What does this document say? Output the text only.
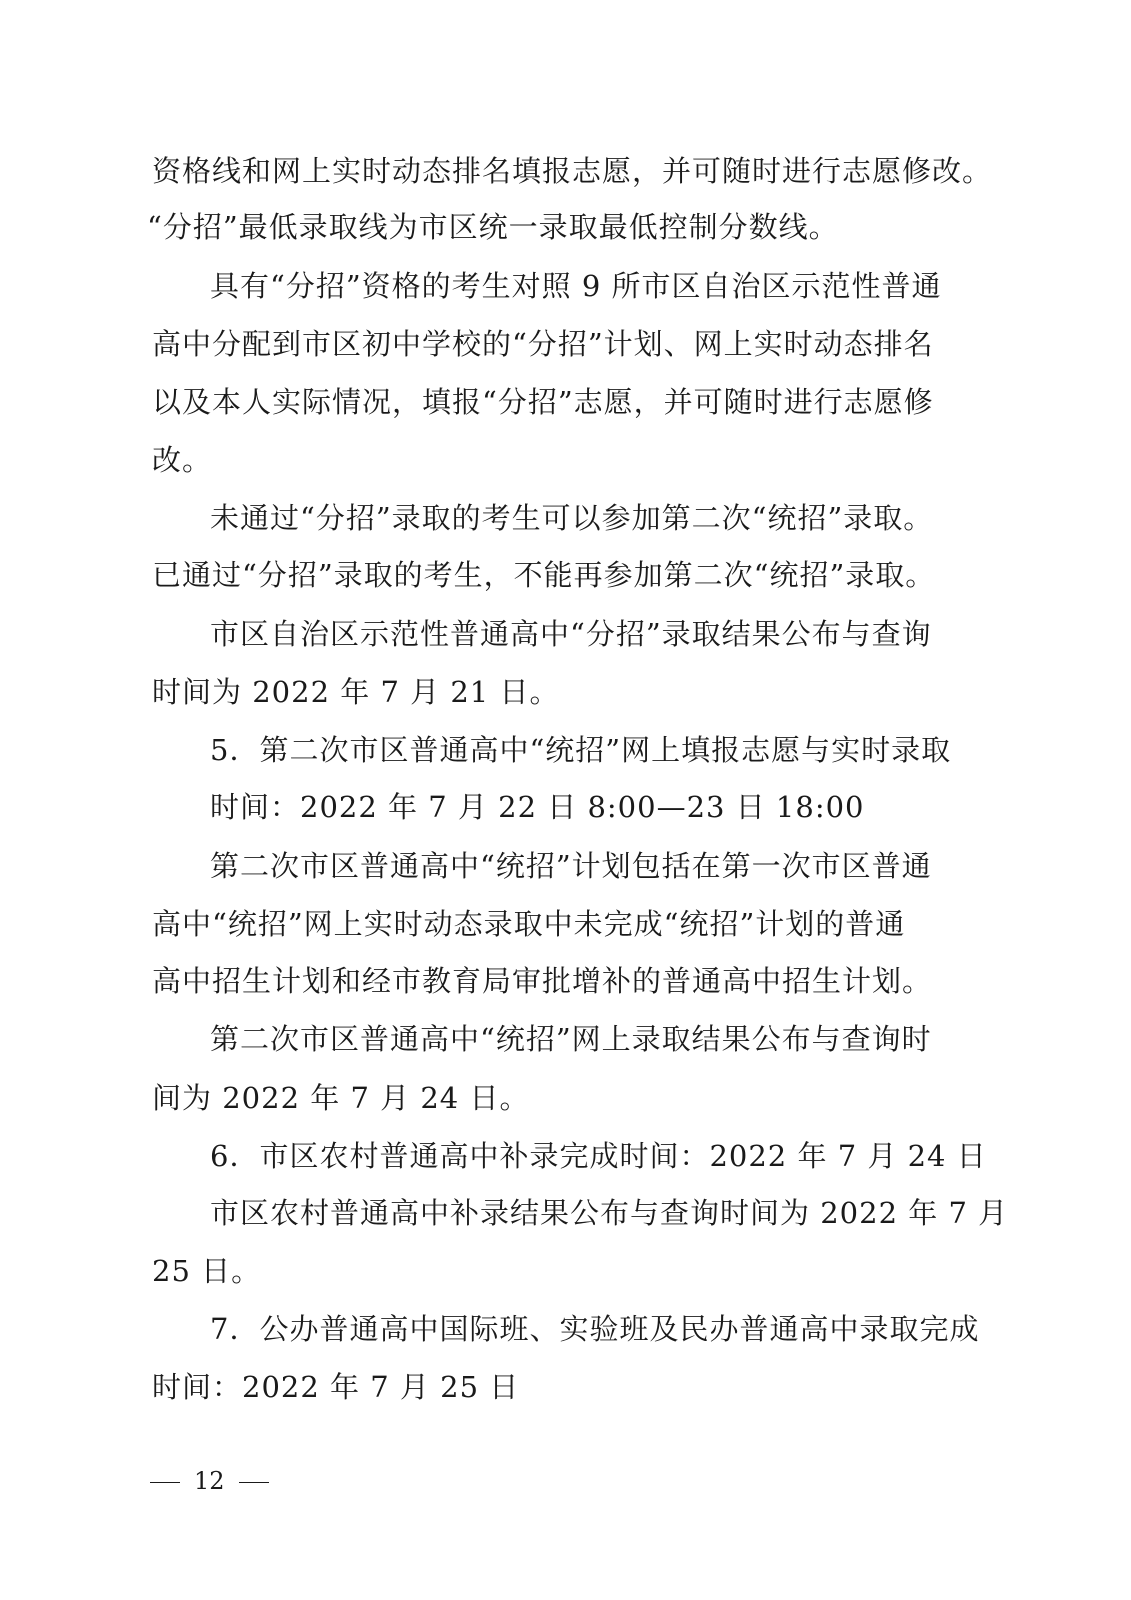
资格线和网上实时动态排名填报志愿，并可随时进行志愿修改。
“分招”最低录取线为市区统一录取最低控制分数线。
具有“分招”资格的考生对照 9 所市区自治区示范性普通
高中分配到市区初中学校的“分招”计划、网上实时动态排名
以及本人实际情况，填报“分招”志愿，并可随时进行志愿修
改。
未通过“分招”录取的考生可以参加第二次“统招”录取。
已通过“分招”录取的考生，不能再参加第二次“统招”录取。
市区自治区示范性普通高中“分招”录取结果公布与查询
时间为 2022 年 7 月 21 日。
5．第二次市区普通高中“统招”网上填报志愿与实时录取
时间：2022 年 7 月 22 日 8:00—23 日 18:00
第二次市区普通高中“统招”计划包括在第一次市区普通
高中“统招”网上实时动态录取中未完成“统招”计划的普通
高中招生计划和经市教育局审批增补的普通高中招生计划。
第二次市区普通高中“统招”网上录取结果公布与查询时
间为 2022 年 7 月 24 日。
6．市区农村普通高中补录完成时间：2022 年 7 月 24 日
市区农村普通高中补录结果公布与查询时间为 2022 年 7 月
25 日。
7．公办普通高中国际班、实验班及民办普通高中录取完成
时间：2022 年 7 月 25 日
12
